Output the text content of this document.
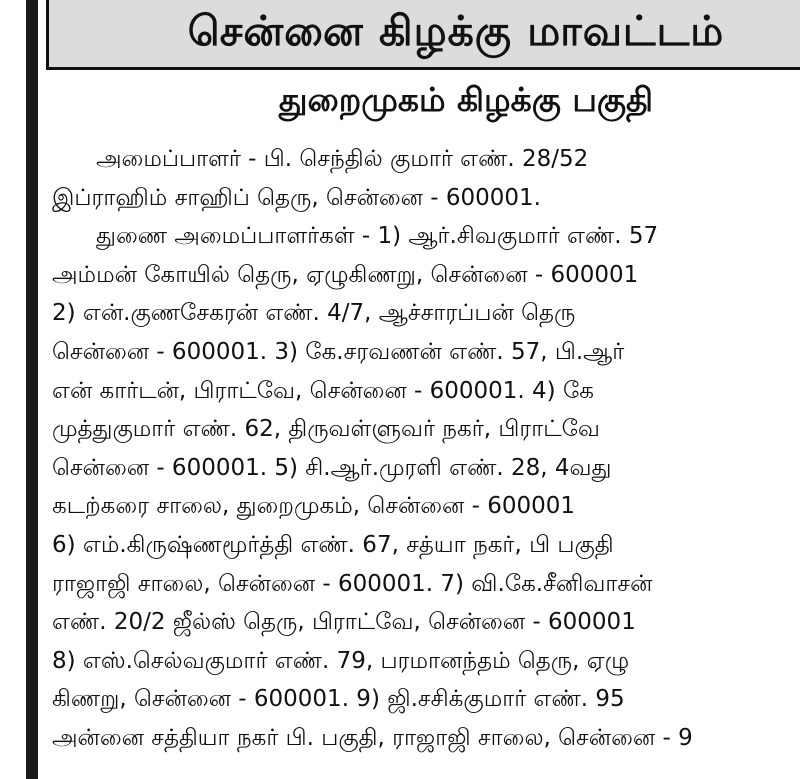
சென்னை கிழக்கு மாவட்டம்
துறைமுகம் கிழக்கு பகுதி
அமைப்பாளர் - பி. செந்தில் குமார் எண். 28/52
இப்ராஹிம் சாஹிப் தெரு, சென்னை - 600001.
துணை அமைப்பாளர்கள் - 1) ஆர்.சிவகுமார் எண். 57
அம்மன் கோயில் தெரு, ஏழுகிணறு, சென்னை - 600001
2) என்.குணசேகரன் எண். 4/7, ஆச்சாரப்பன் தெரு
சென்னை - 600001. 3) கே.சரவணன் எண். 57, பி.ஆர்
என் கார்டன், பிராட்வே, சென்னை - 600001. 4) கே
முத்துகுமார் எண். 62, திருவள்ளுவர் நகர், பிராட்வே
சென்னை - 600001. 5) சி.ஆர்.முரளி எண். 28, 4வது
கடற்கரை சாலை, துறைமுகம், சென்னை - 600001
6) எம்.கிருஷ்ணமூர்த்தி எண். 67, சத்யா நகர், பி பகுதி
ராஜாஜி சாலை, சென்னை - 600001. 7) வி.கே.சீனிவாசன்
எண். 20/2 ஜீல்ஸ் தெரு, பிராட்வே, சென்னை - 600001
8) எஸ்.செல்வகுமார் எண். 79, பரமானந்தம் தெரு, ஏழு
கிணறு, சென்னை - 600001. 9) ஜி.சசிக்குமார் எண். 95
அன்னை சத்தியா நகர் பி. பகுதி, ராஜாஜி சாலை, சென்னை - 9
